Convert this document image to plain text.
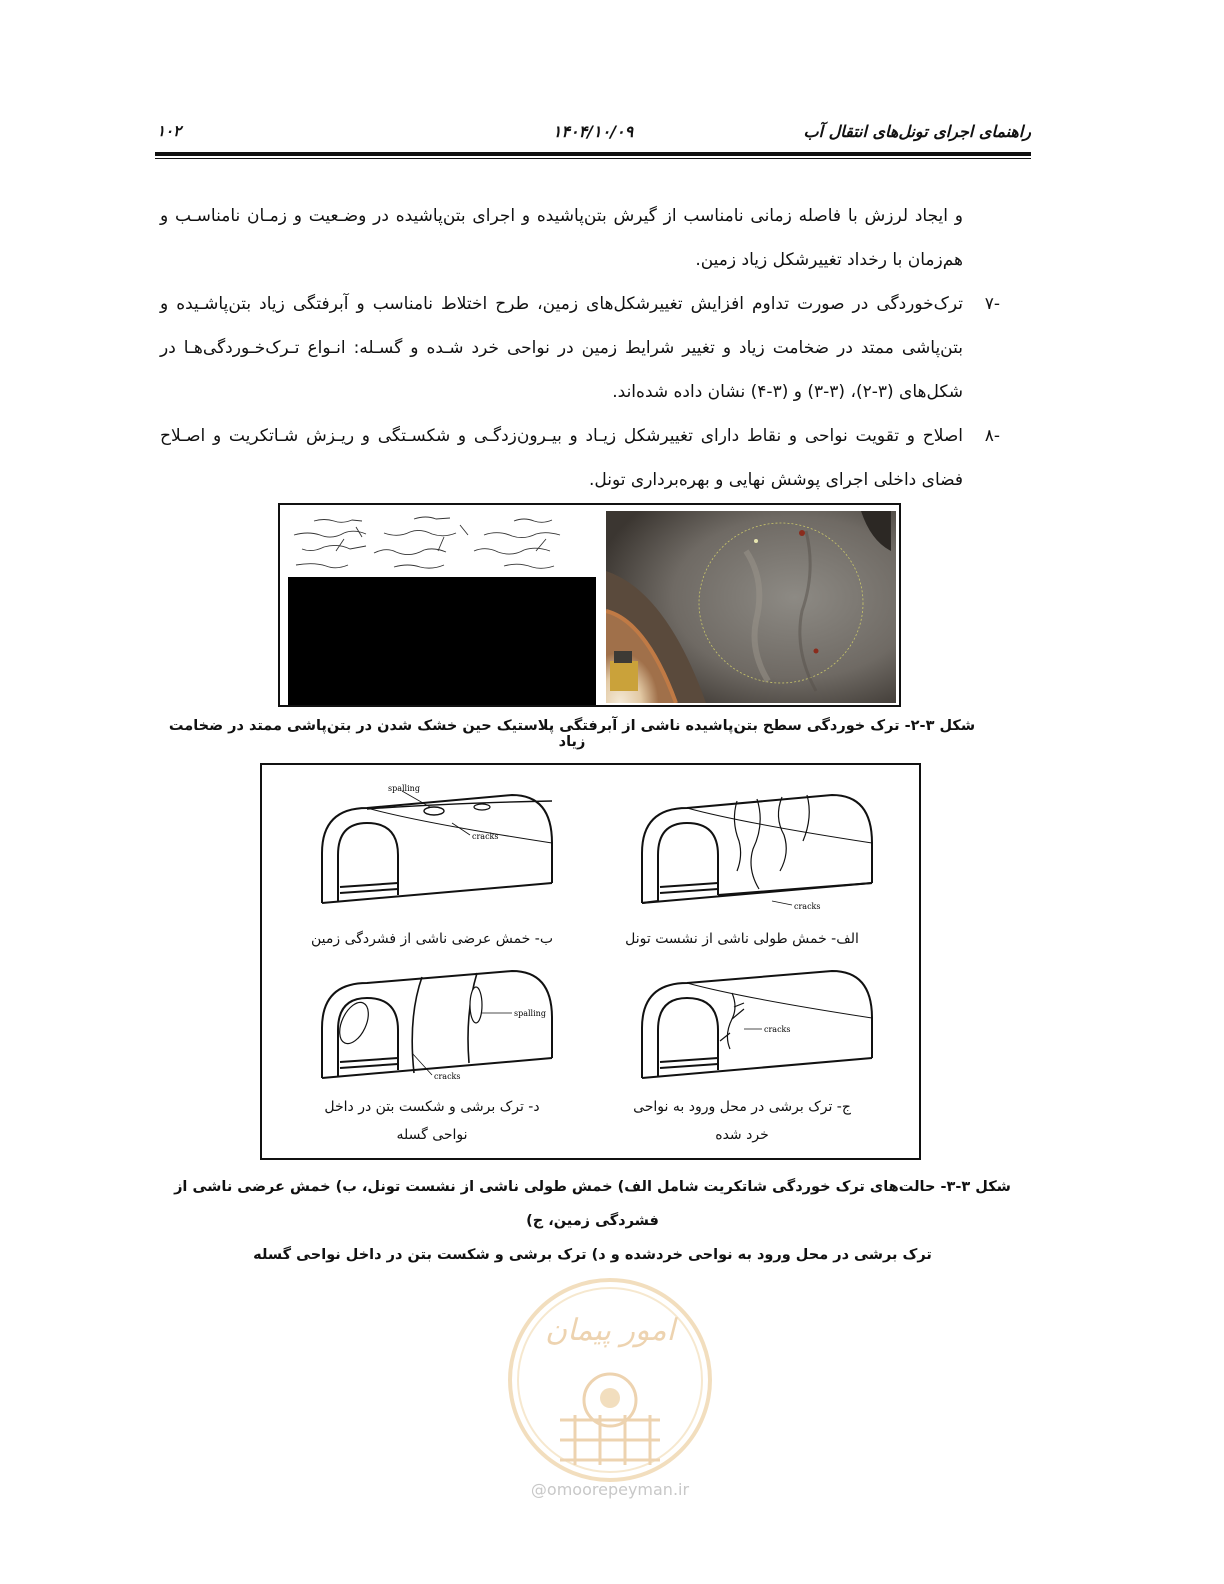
راهنمای اجرای تونل‌های انتقال آب
۱۴۰۴/۱۰/۰۹
۱۰۲
و ایجاد لرزش با فاصله زمانی نامناسب از گیرش بتن‌پاشیده و اجرای بتن‌پاشیده در وضـعیت و زمـان نامناسـب و هم‌زمان با رخداد تغییرشکل زیاد زمین.
-۷
ترک‌خوردگی در صورت تداوم افزایش تغییرشکل‌های زمین، طرح اختلاط نامناسب و آبرفتگی زیاد بتن‌پاشـیده و بتن‌پاشی ممتد در ضخامت زیاد و تغییر شرایط زمین در نواحی خرد شـده و گسـله: انـواع تـرک‌خـوردگی‌هـا در شکل‌های (۳-۲)، (۳-۳) و (۳-۴) نشان داده شده‌اند.
-۸
اصلاح و تقویت نواحی و نقاط دارای تغییرشکل زیـاد و بیـرون‌زدگـی و شکسـتگی و ریـزش شـاتکریت و اصـلاح فضای داخلی اجرای پوشش نهایی و بهره‌برداری تونل.
شکل ۳-۲- ترک خوردگی سطح بتن‌پاشیده ناشی از آبرفتگی پلاستیک حین خشک شدن در بتن‌پاشی ممتد در ضخامت زیاد
cracks
الف- خمش طولی ناشی از نشست تونل
spalling
cracks
ب- خمش عرضی ناشی از فشردگی زمین
cracks
ج- ترک برشی در محل ورود به نواحی
خرد شده
spalling
cracks
د- ترک برشی و شکست بتن در داخل
نواحی گسله
شکل ۳-۳- حالت‌های ترک خوردگی شاتکریت شامل الف) خمش طولی ناشی از نشست تونل، ب) خمش عرضی ناشی از فشردگی زمین، ج)
ترک برشی در محل ورود به نواحی خردشده و د) ترک برشی و شکست بتن در داخل نواحی گسله
امور پیمان
@omoorepeyman.ir
